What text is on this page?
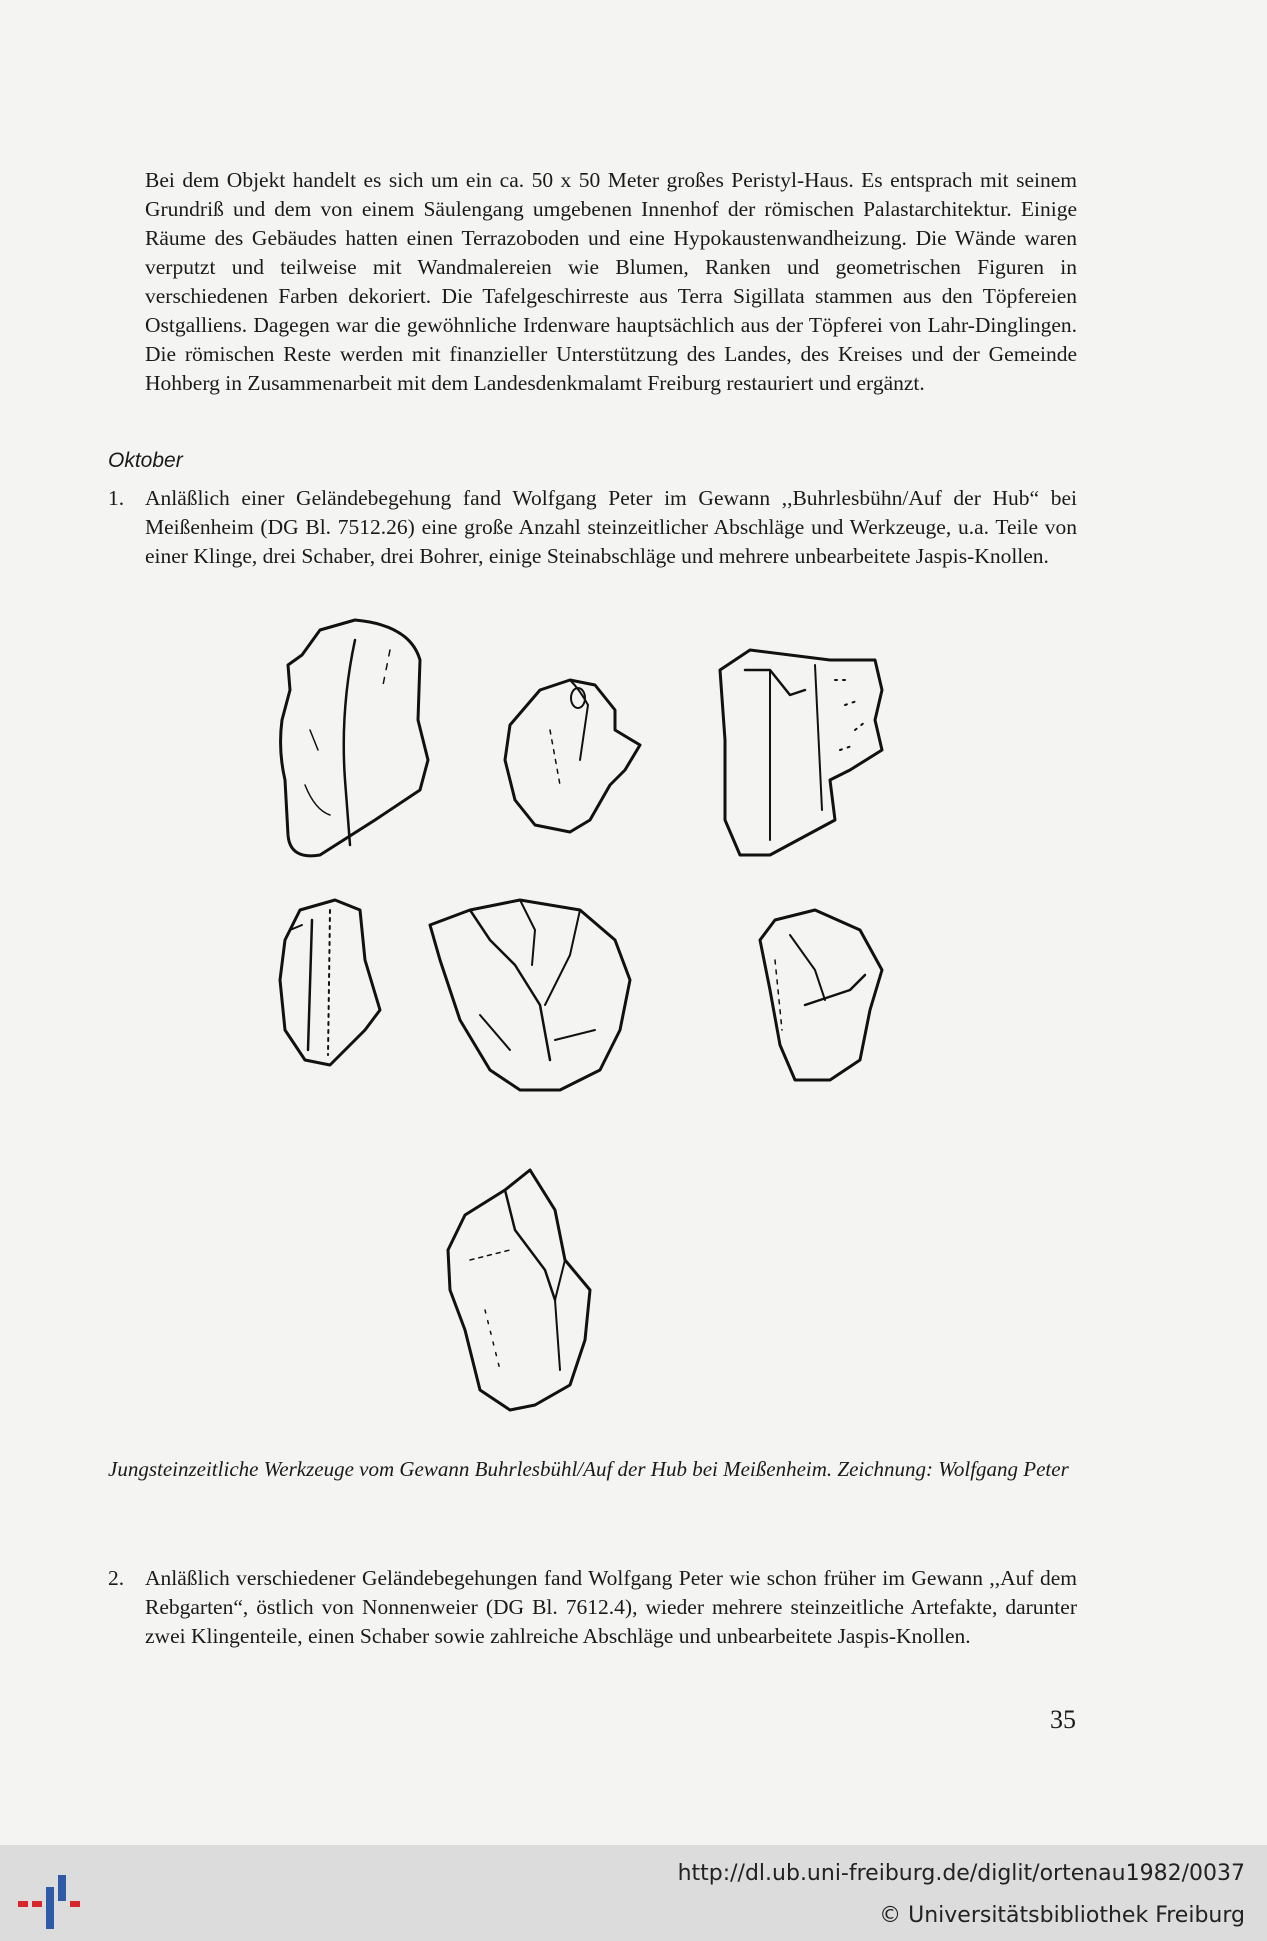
Bei dem Objekt handelt es sich um ein ca. 50 x 50 Meter großes Peristyl-Haus. Es entsprach mit seinem Grundriß und dem von einem Säulengang umgebenen Innenhof der römischen Palastarchitektur. Einige Räume des Gebäudes hatten einen Terrazoboden und eine Hypokaustenwandheizung. Die Wände waren verputzt und teilweise mit Wandmalereien wie Blumen, Ranken und geometrischen Figuren in verschiedenen Farben dekoriert. Die Tafelgeschirreste aus Terra Sigillata stammen aus den Töpfereien Ostgalliens. Dagegen war die gewöhnliche Irdenware hauptsächlich aus der Töpferei von Lahr-Dinglingen. Die römischen Reste werden mit finanzieller Unterstützung des Landes, des Kreises und der Gemeinde Hohberg in Zusammenarbeit mit dem Landesdenkmalamt Freiburg restauriert und ergänzt.

Oktober
1. Anläßlich einer Geländebegehung fand Wolfgang Peter im Gewann ,,Buhrlesbühn/Auf der Hub“ bei Meißenheim (DG Bl. 7512.26) eine große Anzahl steinzeitlicher Abschläge und Werkzeuge, u.a. Teile von einer Klinge, drei Schaber, drei Bohrer, einige Steinabschläge und mehrere unbearbeitete Jaspis-Knollen.
Jungsteinzeitliche Werkzeuge vom Gewann Buhrlesbühl/Auf der Hub bei Meißenheim. Zeichnung: Wolfgang Peter
2. Anläßlich verschiedener Geländebegehungen fand Wolfgang Peter wie schon früher im Gewann ,,Auf dem Rebgarten“, östlich von Nonnenweier (DG Bl. 7612.4), wieder mehrere steinzeitliche Artefakte, darunter zwei Klingenteile, einen Schaber sowie zahlreiche Abschläge und unbearbeitete Jaspis-Knollen.
35
http://dl.ub.uni-freiburg.de/diglit/ortenau1982/0037
© Universitätsbibliothek Freiburg
